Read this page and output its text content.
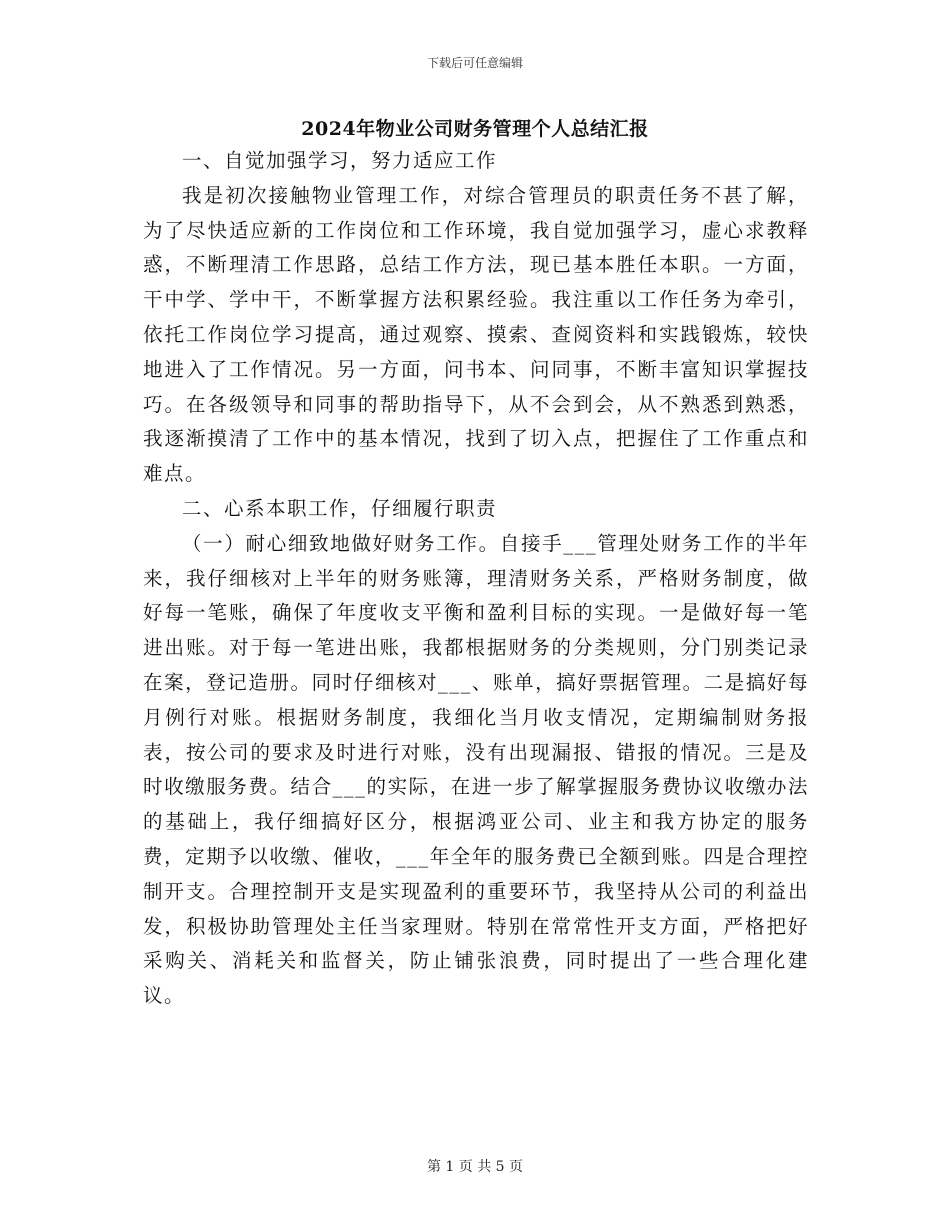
下载后可任意编辑
2024年物业公司财务管理个人总结汇报

一、自觉加强学习，努力适应工作

我是初次接触物业管理工作，对综合管理员的职责任务不甚了解，为了尽快适应新的工作岗位和工作环境，我自觉加强学习，虚心求教释惑，不断理清工作思路，总结工作方法，现已基本胜任本职。一方面，干中学、学中干，不断掌握方法积累经验。我注重以工作任务为牵引，依托工作岗位学习提高，通过观察、摸索、查阅资料和实践锻炼，较快地进入了工作情况。另一方面，问书本、问同事，不断丰富知识掌握技巧。在各级领导和同事的帮助指导下，从不会到会，从不熟悉到熟悉，我逐渐摸清了工作中的基本情况，找到了切入点，把握住了工作重点和难点。

二、心系本职工作，仔细履行职责

（一）耐心细致地做好财务工作。自接手___管理处财务工作的半年来，我仔细核对上半年的财务账簿，理清财务关系，严格财务制度，做好每一笔账，确保了年度收支平衡和盈利目标的实现。一是做好每一笔进出账。对于每一笔进出账，我都根据财务的分类规则，分门别类记录在案，登记造册。同时仔细核对___、账单，搞好票据管理。二是搞好每月例行对账。根据财务制度，我细化当月收支情况，定期编制财务报表，按公司的要求及时进行对账，没有出现漏报、错报的情况。三是及时收缴服务费。结合___的实际，在进一步了解掌握服务费协议收缴办法的基础上，我仔细搞好区分，根据鸿亚公司、业主和我方协定的服务费，定期予以收缴、催收，___年全年的服务费已全额到账。四是合理控制开支。合理控制开支是实现盈利的重要环节，我坚持从公司的利益出发，积极协助管理处主任当家理财。特别在常常性开支方面，严格把好采购关、消耗关和监督关，防止铺张浪费，同时提出了一些合理化建议。

第 1 页 共 5 页
